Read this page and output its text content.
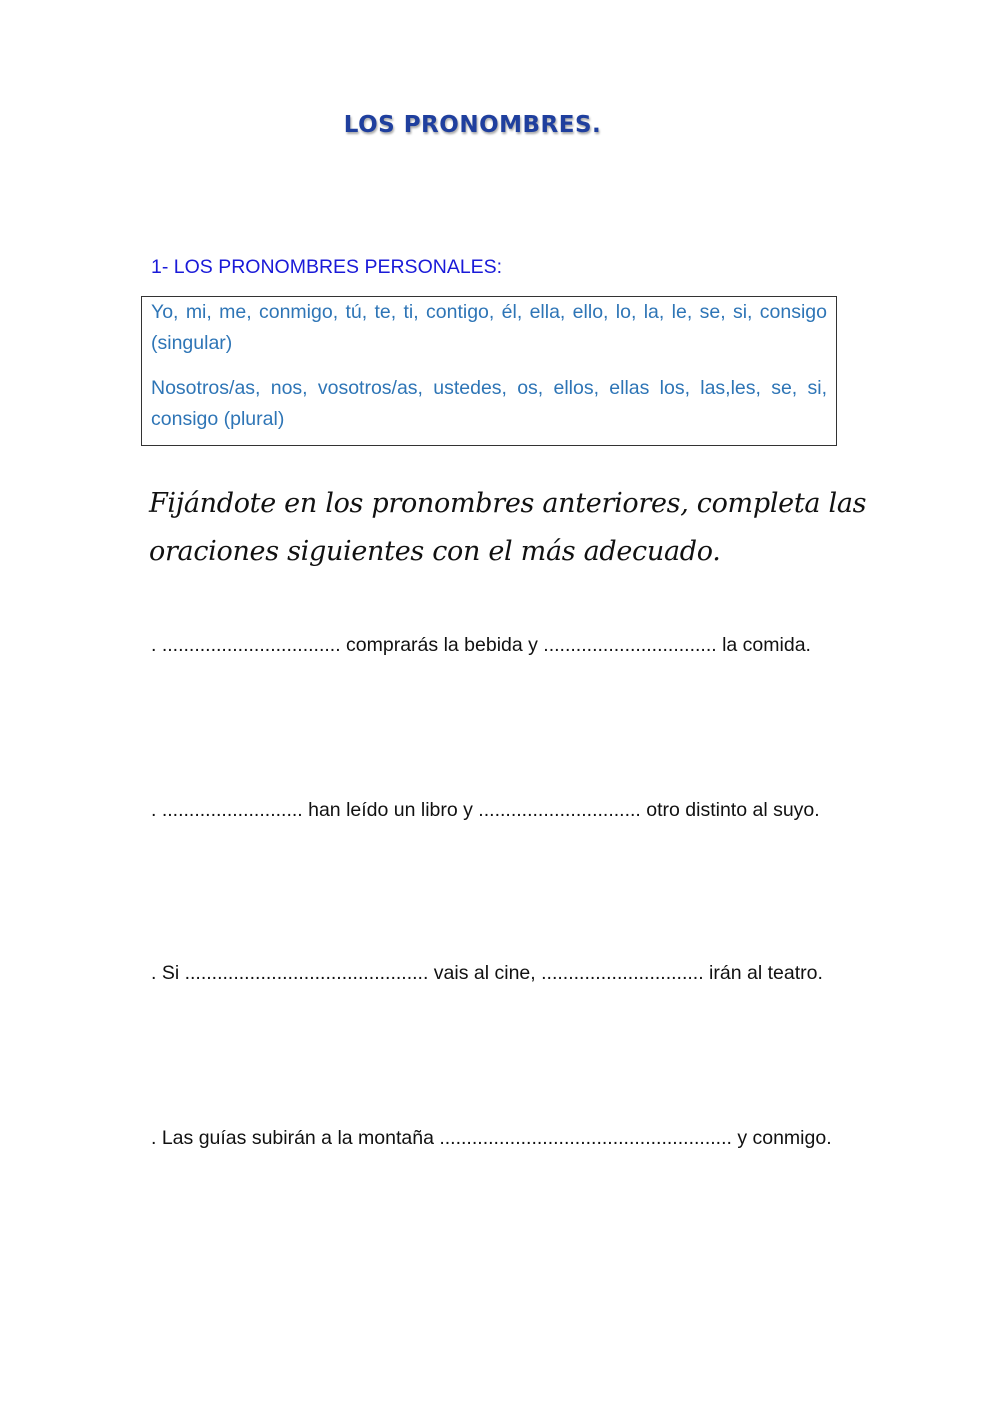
LOS PRONOMBRES.
1- LOS PRONOMBRES PERSONALES:

Yo, mi, me, conmigo, tú, te, ti, contigo, él, ella, ello, lo, la, le, se, si, consigo (singular)

Nosotros/as, nos, vosotros/as, ustedes, os, ellos, ellas los, las,les, se, si, consigo (plural)

Fijándote en los pronombres anteriores, completa las oraciones siguientes con el más adecuado.
. ................................. comprarás la bebida y ................................ la comida.
. .......................... han leído un libro y .............................. otro distinto al suyo.
. Si ............................................. vais al cine, .............................. irán al teatro.
. Las guías subirán a la montaña ...................................................... y conmigo.
